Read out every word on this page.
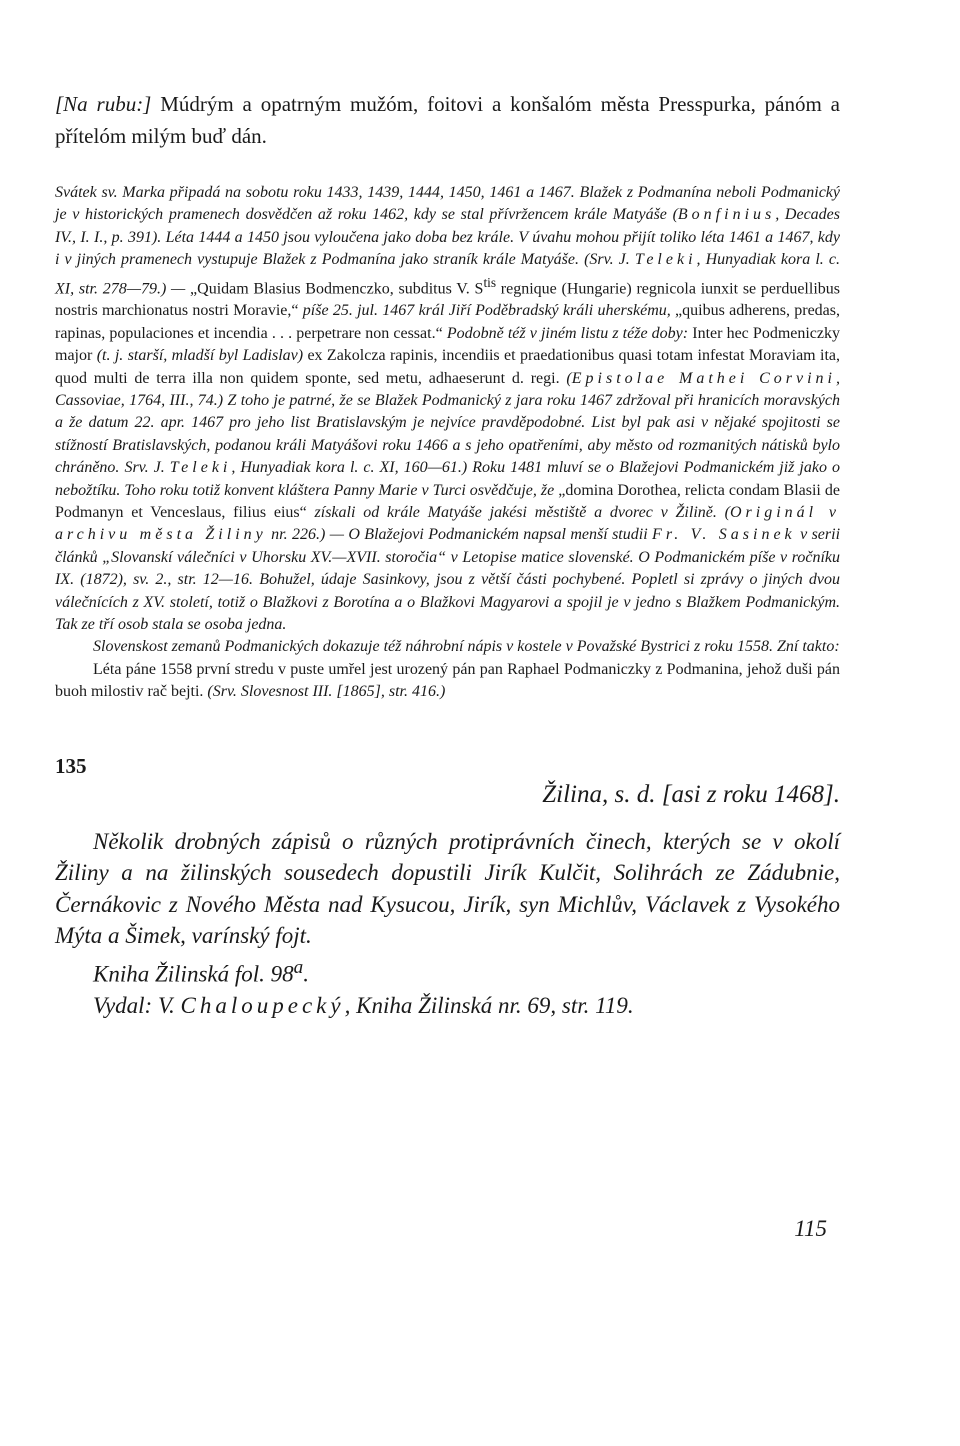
[Na rubu:] Múdrým a opatrným mužóm, foitovi a konšalóm města Presspurka, pánóm a přítelóm milým buď dán.

Svátek sv. Marka připadá na sobotu roku 1433, 1439, 1444, 1450, 1461 a 1467. Blažek z Podmanína neboli Podmanický je v historických pramenech dosvědčen až roku 1462, kdy se stal přívržencem krále Matyáše (Bonfinius, Decades IV., I. I., p. 391). Léta 1444 a 1450 jsou vyloučena jako doba bez krále. V úvahu mohou přijít toliko léta 1461 a 1467, kdy i v jiných pramenech vystupuje Blažek z Podmanína jako straník krále Matyáše. (Srv. J. Teleki, Hunyadiak kora l. c. XI, str. 278—79.) — „Quidam Blasius Bodmenczko, subditus V. $S^{tis}$ regnique (Hungarie) regnicola iunxit se perduellibus nostris marchionatus nostri Moravie,“ píše 25. jul. 1467 král Jiří Poděbradský králi uherskému, „quibus adherens, predas, rapinas, populaciones et incendia . . . perpetrare non cessat.“ Podobně též v jiném listu z téže doby: Inter hec Podmeniczky major (t. j. starší, mladší byl Ladislav) ex Zakolcza rapinis, incendiis et praedationibus quasi totam infestat Moraviam ita, quod multi de terra illa non quidem sponte, sed metu, adhaeserunt d. regi. (Epistolae Mathei Corvini, Cassoviae, 1764, III., 74.) Z toho je patrné, že se Blažek Podmanický z jara roku 1467 zdržoval při hranicích moravských a že datum 22. apr. 1467 pro jeho list Bratislavským je nejvíce pravděpodobné. List byl pak asi v nějaké spojitosti se stížností Bratislavských, podanou králi Matyášovi roku 1466 a s jeho opatřeními, aby město od rozmanitých nátisků bylo chráněno. Srv. J. Teleki, Hunyadiak kora l. c. XI, 160—61.) Roku 1481 mluví se o Blažejovi Podmanickém již jako o nebožtíku. Toho roku totiž konvent kláštera Panny Marie v Turci osvědčuje, že „domina Dorothea, relicta condam Blasii de Podmanyn et Venceslaus, filius eius“ získali od krále Matyáše jakési městiště a dvorec v Žilině. (Originál v archivu města Žiliny nr. 226.) — O Blažejovi Podmanickém napsal menší studii Fr. V. Sasinek v serii článků „Slovanskí válečníci v Uhorsku XV.—XVII. storočia“ v Letopise matice slovenské. O Podmanickém píše v ročníku IX. (1872), sv. 2., str. 12—16. Bohužel, údaje Sasinkovy, jsou z větší části pochybené. Popletl si zprávy o jiných dvou válečnících z XV. století, totiž o Blažkovi z Borotína a o Blažkovi Magyarovi a spojil je v jedno s Blažkem Podmanickým. Tak ze tří osob stala se osoba jedna.

Slovenskost zemanů Podmanických dokazuje též náhrobní nápis v kostele v Považské Bystrici z roku 1558. Zní takto:

Léta páne 1558 první stredu v puste umřel jest urozený pán pan Raphael Podmaniczky z Podmanina, jehož duši pán buoh milostiv rač bejti. (Srv. Slovesnost III. [1865], str. 416.)

135

Žilina, s. d. [asi z roku 1468].

Několik drobných zápisů o různých protiprávních činech, kterých se v okolí Žiliny a na žilinských sousedech dopustili Jirík Kulčit, Solihrách ze Zádubnie, Černákovic z Nového Města nad Kysucou, Jirík, syn Michlův, Václavek z Vysokého Mýta a Šimek, varínský fojt.

Kniha Žilinská fol. 98$^a$.

Vydal: V. Chaloupecký, Kniha Žilinská nr. 69, str. 119.

115
